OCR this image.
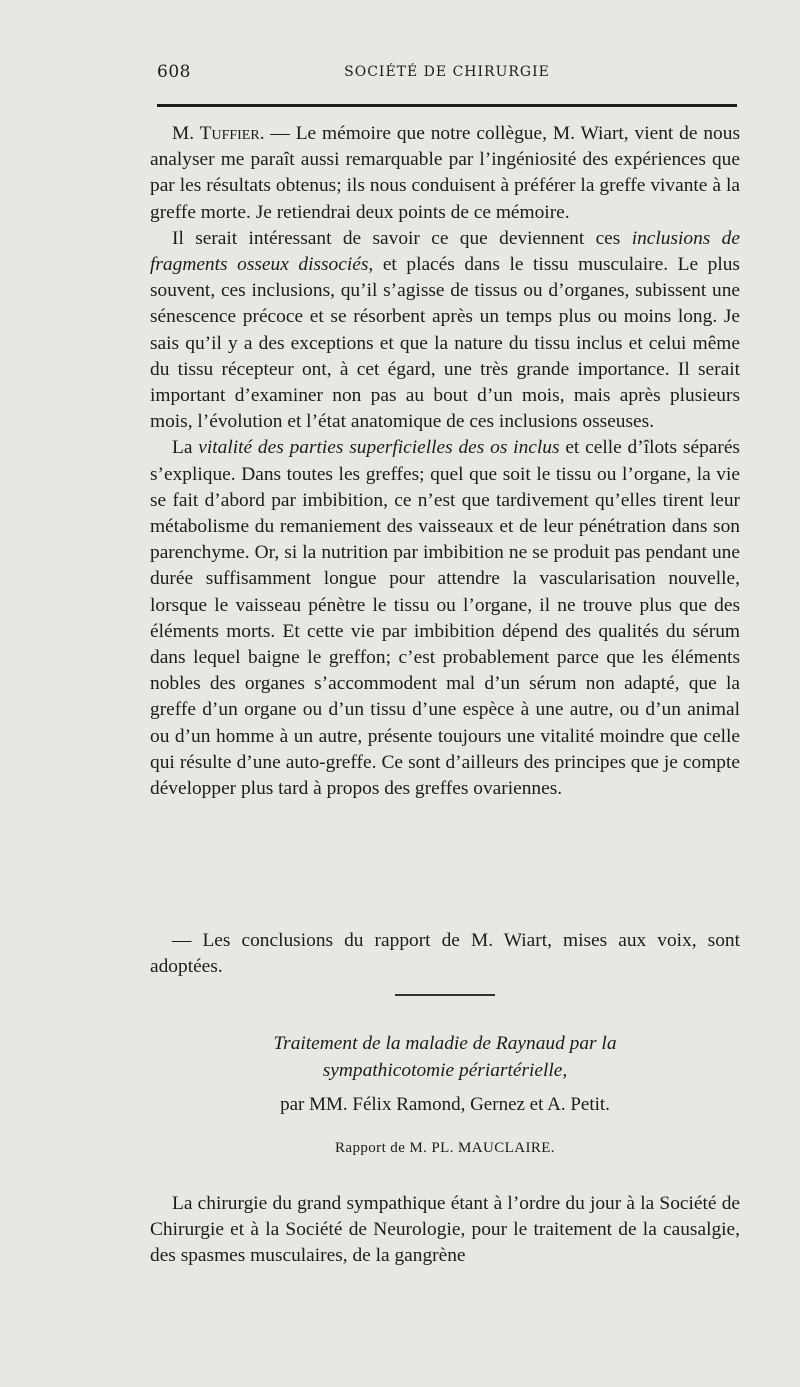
608	SOCIÉTÉ DE CHIRURGIE

M. Tuffier. — Le mémoire que notre collègue, M. Wiart, vient de nous analyser me paraît aussi remarquable par l’ingéniosité des expériences que par les résultats obtenus; ils nous conduisent à préférer la greffe vivante à la greffe morte. Je retiendrai deux points de ce mémoire.

Il serait intéressant de savoir ce que deviennent ces inclusions de fragments osseux dissociés, et placés dans le tissu musculaire. Le plus souvent, ces inclusions, qu’il s’agisse de tissus ou d’organes, subissent une sénescence précoce et se résorbent après un temps plus ou moins long. Je sais qu’il y a des exceptions et que la nature du tissu inclus et celui même du tissu récepteur ont, à cet égard, une très grande importance. Il serait important d’examiner non pas au bout d’un mois, mais après plusieurs mois, l’évolution et l’état anatomique de ces inclusions osseuses.

La vitalité des parties superficielles des os inclus et celle d’îlots séparés s’explique. Dans toutes les greffes; quel que soit le tissu ou l’organe, la vie se fait d’abord par imbibition, ce n’est que tardivement qu’elles tirent leur métabolisme du remaniement des vaisseaux et de leur pénétration dans son parenchyme. Or, si la nutrition par imbibition ne se produit pas pendant une durée suffisamment longue pour attendre la vascularisation nouvelle, lorsque le vaisseau pénètre le tissu ou l’organe, il ne trouve plus que des éléments morts. Et cette vie par imbibition dépend des qualités du sérum dans lequel baigne le greffon; c’est probablement parce que les éléments nobles des organes s’accommodent mal d’un sérum non adapté, que la greffe d’un organe ou d’un tissu d’une espèce à une autre, ou d’un animal ou d’un homme à un autre, présente toujours une vitalité moindre que celle qui résulte d’une auto-greffe. Ce sont d’ailleurs des principes que je compte développer plus tard à propos des greffes ovariennes.

— Les conclusions du rapport de M. Wiart, mises aux voix, sont adoptées.

Traitement de la maladie de Raynaud par la
sympathicotomie périartérielle,
par MM. Félix Ramond, Gernez et A. Petit.
Rapport de M. PL. MAUCLAIRE.

La chirurgie du grand sympathique étant à l’ordre du jour à la Société de Chirurgie et à la Société de Neurologie, pour le traitement de la causalgie, des spasmes musculaires, de la gangrène
